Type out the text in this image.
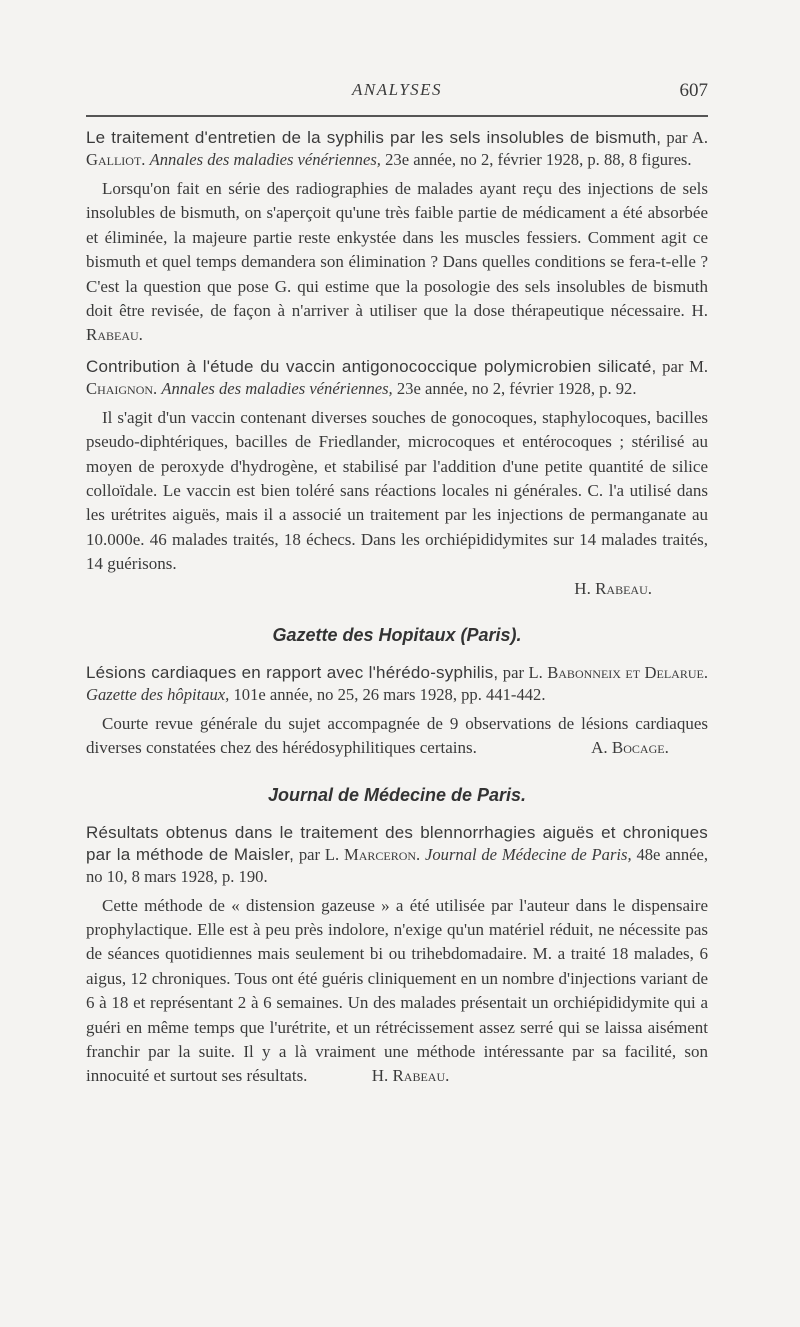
ANALYSES	607

Le traitement d'entretien de la syphilis par les sels insolubles de bismuth, par A. Galliot. Annales des maladies vénériennes, 23e année, no 2, février 1928, p. 88, 8 figures.

Lorsqu'on fait en série des radiographies de malades ayant reçu des injections de sels insolubles de bismuth, on s'aperçoit qu'une très faible partie de médicament a été absorbée et éliminée, la majeure partie reste enkystée dans les muscles fessiers. Comment agit ce bismuth et quel temps demandera son élimination ? Dans quelles conditions se fera-t-elle ? C'est la question que pose G. qui estime que la posologie des sels insolubles de bismuth doit être revisée, de façon à n'arriver à utiliser que la dose thérapeutique nécessaire. H. Rabeau.

Contribution à l'étude du vaccin antigonococcique polymicrobien silicaté, par M. Chaignon. Annales des maladies vénériennes, 23e année, no 2, février 1928, p. 92.

Il s'agit d'un vaccin contenant diverses souches de gonocoques, staphylocoques, bacilles pseudo-diphtériques, bacilles de Friedlander, microcoques et entérocoques ; stérilisé au moyen de peroxyde d'hydrogène, et stabilisé par l'addition d'une petite quantité de silice colloïdale. Le vaccin est bien toléré sans réactions locales ni générales. C. l'a utilisé dans les urétrites aiguës, mais il a associé un traitement par les injections de permanganate au 10.000e. 46 malades traités, 18 échecs. Dans les orchiépididymites sur 14 malades traités, 14 guérisons.

H. Rabeau.

Gazette des Hopitaux (Paris).

Lésions cardiaques en rapport avec l'hérédo-syphilis, par L. Babonneix et Delarue. Gazette des hôpitaux, 101e année, no 25, 26 mars 1928, pp. 441-442.

Courte revue générale du sujet accompagnée de 9 observations de lésions cardiaques diverses constatées chez des hérédosyphilitiques certains.	A. Bocage.

Journal de Médecine de Paris.

Résultats obtenus dans le traitement des blennorrhagies aiguës et chroniques par la méthode de Maisler, par L. Marceron. Journal de Médecine de Paris, 48e année, no 10, 8 mars 1928, p. 190.

Cette méthode de « distension gazeuse » a été utilisée par l'auteur dans le dispensaire prophylactique. Elle est à peu près indolore, n'exige qu'un matériel réduit, ne nécessite pas de séances quotidiennes mais seulement bi ou trihebdomadaire. M. a traité 18 malades, 6 aigus, 12 chroniques. Tous ont été guéris cliniquement en un nombre d'injections variant de 6 à 18 et représentant 2 à 6 semaines. Un des malades présentait un orchiépididymite qui a guéri en même temps que l'urétrite, et un rétrécissement assez serré qui se laissa aisément franchir par la suite. Il y a là vraiment une méthode intéressante par sa facilité, son innocuité et surtout ses résultats.	H. Rabeau.
